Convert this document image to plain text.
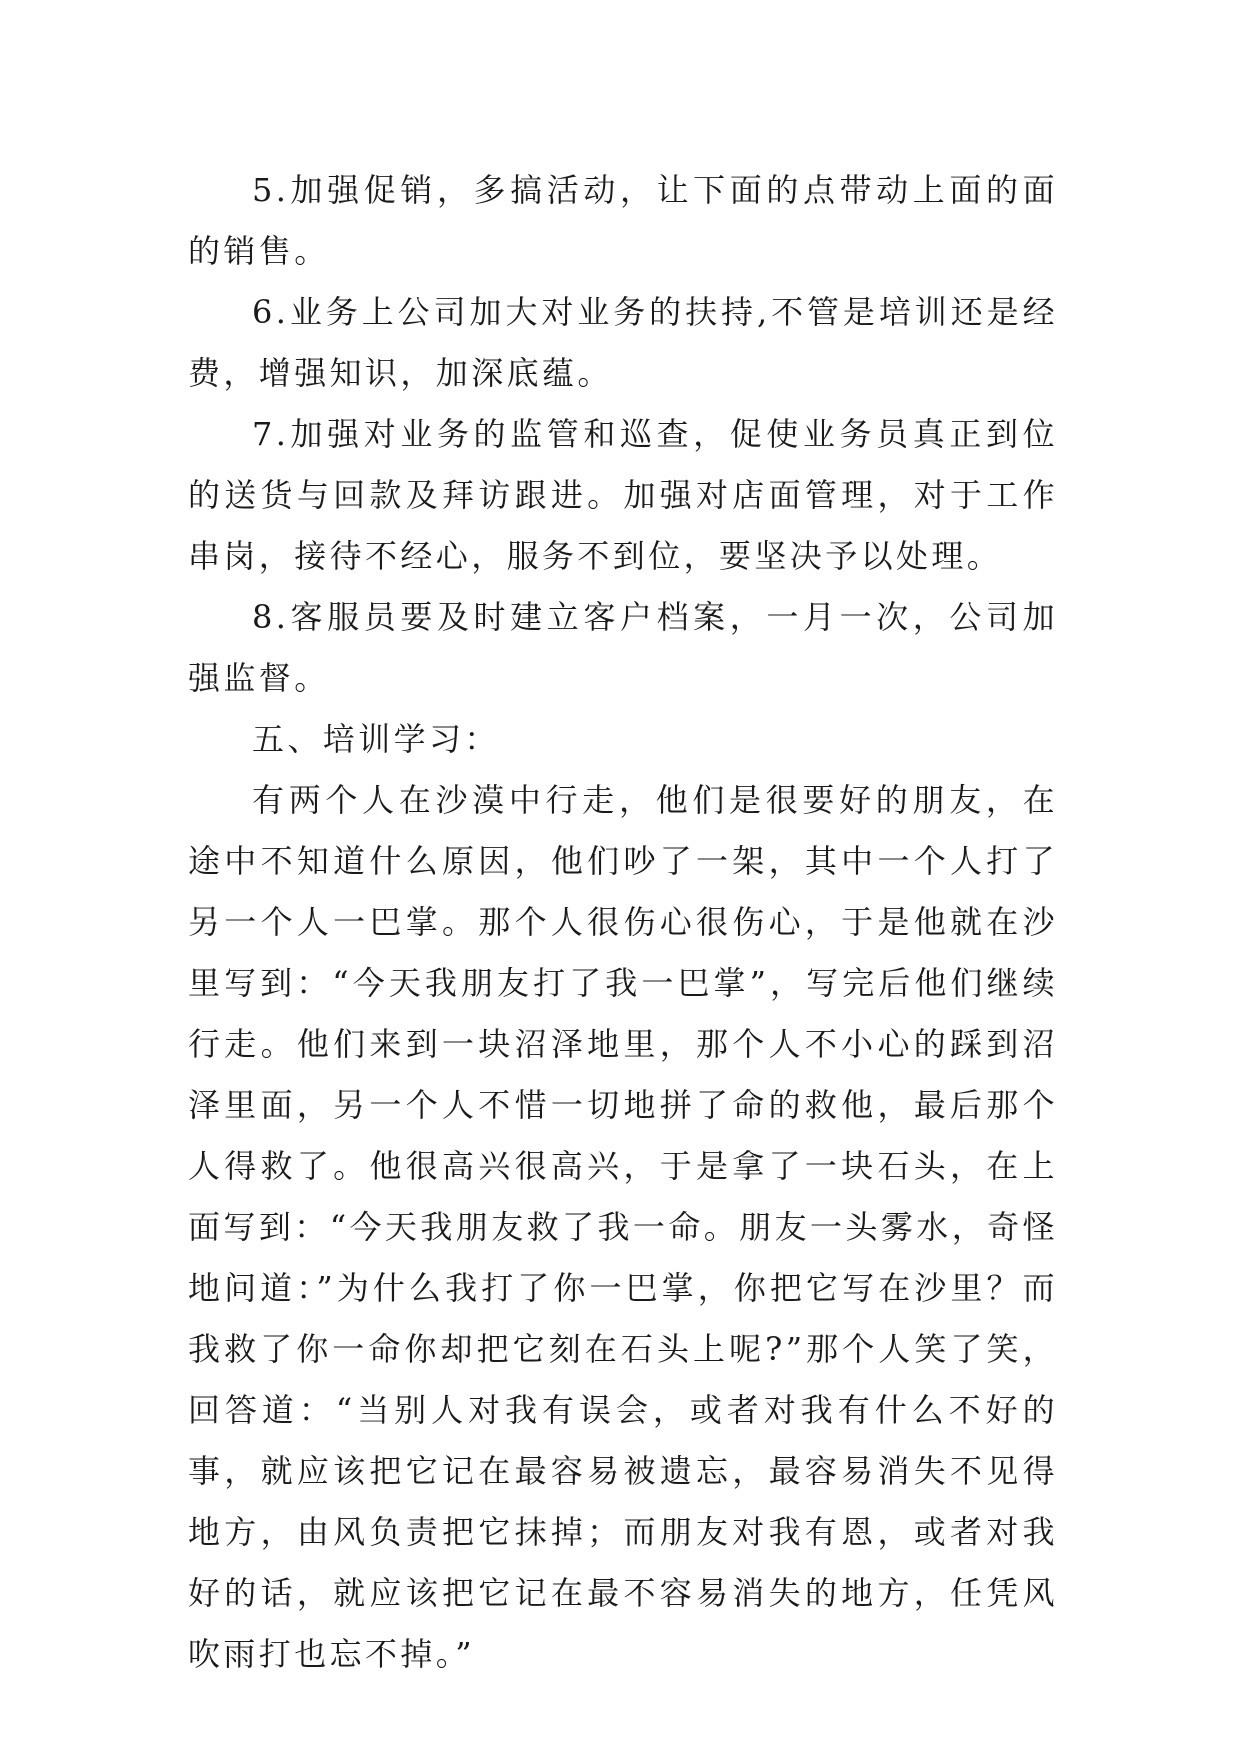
5.加强促销，多搞活动，让下面的点带动上面的面的销售。

6.业务上公司加大对业务的扶持,不管是培训还是经费，增强知识，加深底蕴。

7.加强对业务的监管和巡查，促使业务员真正到位的送货与回款及拜访跟进。加强对店面管理，对于工作串岗，接待不经心，服务不到位，要坚决予以处理。

8.客服员要及时建立客户档案，一月一次，公司加强监督。

五、培训学习：

有两个人在沙漠中行走，他们是很要好的朋友，在途中不知道什么原因，他们吵了一架，其中一个人打了另一个人一巴掌。那个人很伤心很伤心，于是他就在沙里写到：“今天我朋友打了我一巴掌”，写完后他们继续行走。他们来到一块沼泽地里，那个人不小心的踩到沼泽里面，另一个人不惜一切地拼了命的救他，最后那个人得救了。他很高兴很高兴，于是拿了一块石头，在上面写到：“今天我朋友救了我一命。朋友一头雾水，奇怪地问道：”为什么我打了你一巴掌，你把它写在沙里？而我救了你一命你却把它刻在石头上呢?”那个人笑了笑，回答道：“当别人对我有误会，或者对我有什么不好的事，就应该把它记在最容易被遗忘，最容易消失不见得地方，由风负责把它抹掉；而朋友对我有恩，或者对我好的话，就应该把它记在最不容易消失的地方，任凭风吹雨打也忘不掉。”
